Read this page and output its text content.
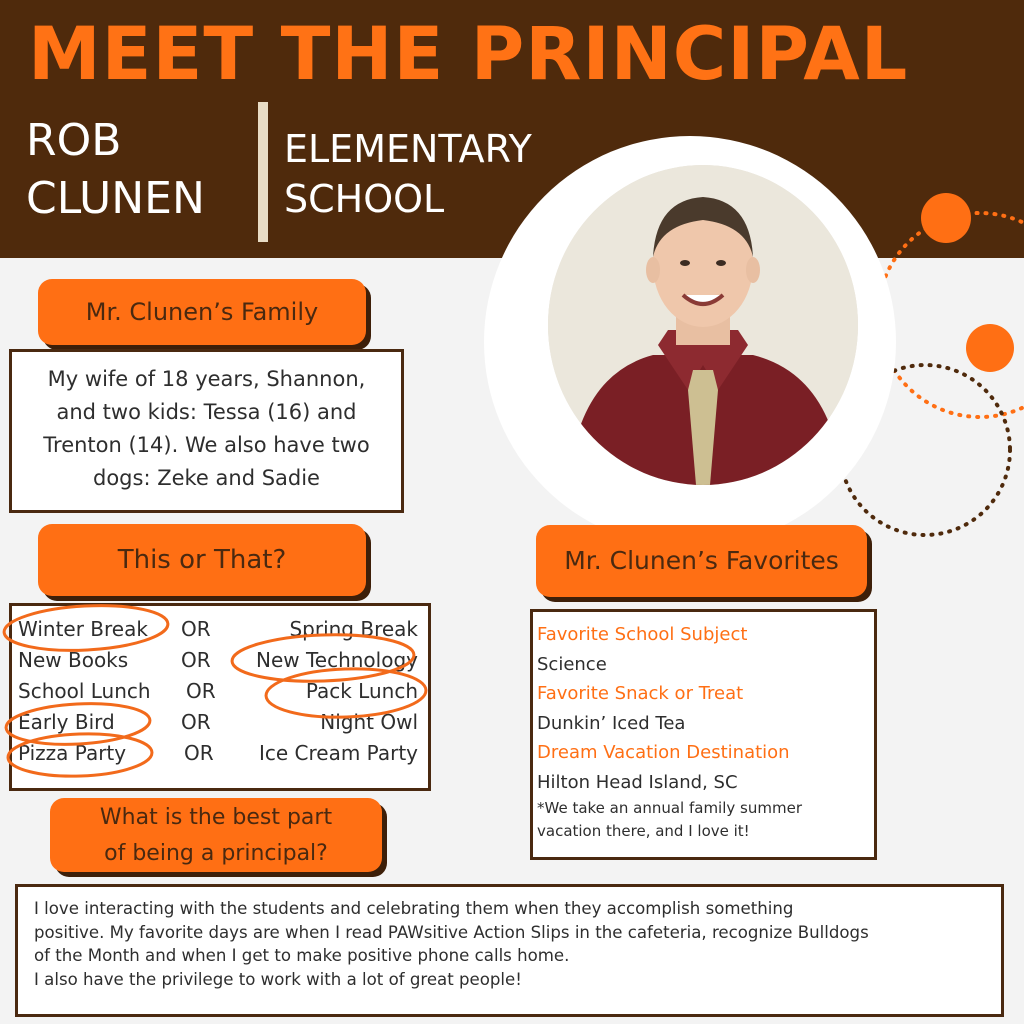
MEET THE PRINCIPAL
ROB
CLUNEN
ELEMENTARY
SCHOOL
Mr. Clunen’s Family
My wife of 18 years, Shannon,
and two kids: Tessa (16) and
Trenton (14). We also have two
dogs: Zeke and Sadie
This or That?
Winter Break OR	Spring Break
New Books	OR New Technology
School Lunch OR	Pack Lunch
Early Bird	OR	Night Owl
Pizza Party	OR Ice Cream Party
What is the best part
of being a principal?
Mr. Clunen’s Favorites
Favorite School Subject
Science
Favorite Snack or Treat
Dunkin’ Iced Tea
Dream Vacation Destination
Hilton Head Island, SC
*We take an annual family summer
vacation there, and I love it!
I love interacting with the students and celebrating them when they accomplish something
positive. My favorite days are when I read PAWsitive Action Slips in the cafeteria, recognize Bulldogs
of the Month and when I get to make positive phone calls home.
I also have the privilege to work with a lot of great people!
